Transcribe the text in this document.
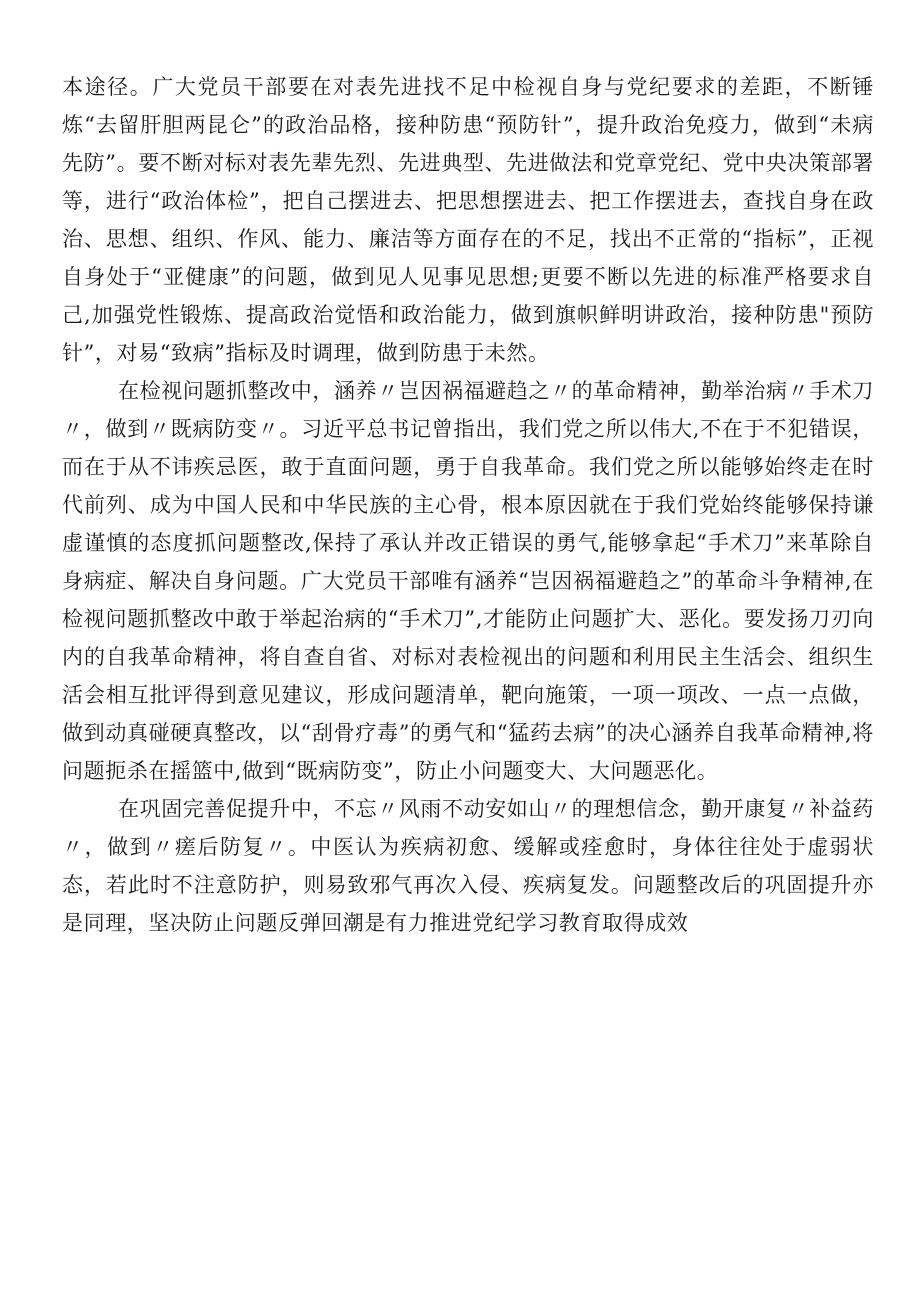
本途径。广大党员干部要在对表先进找不足中检视自身与党纪要求的差距，不断锤炼“去留肝胆两昆仑”的政治品格，接种防患“预防针”，提升政治免疫力，做到“未病先防”。要不断对标对表先辈先烈、先进典型、先进做法和党章党纪、党中央决策部署等，进行“政治体检”，把自己摆进去、把思想摆进去、把工作摆进去，查找自身在政治、思想、组织、作风、能力、廉洁等方面存在的不足，找出不正常的“指标”，正视自身处于“亚健康”的问题，做到见人见事见思想;更要不断以先进的标准严格要求自己,加强党性锻炼、提高政治觉悟和政治能力，做到旗帜鲜明讲政治，接种防患"预防针”，对易“致病”指标及时调理，做到防患于未然。

在检视问题抓整改中，涵养〃岂因祸福避趋之〃的革命精神，勤举治病〃手术刀〃，做到〃既病防变〃。习近平总书记曾指出，我们党之所以伟大,不在于不犯错误，而在于从不讳疾忌医，敢于直面问题，勇于自我革命。我们党之所以能够始终走在时代前列、成为中国人民和中华民族的主心骨，根本原因就在于我们党始终能够保持谦虚谨慎的态度抓问题整改,保持了承认并改正错误的勇气,能够拿起“手术刀”来革除自身病症、解决自身问题。广大党员干部唯有涵养“岂因祸福避趋之”的革命斗争精神,在检视问题抓整改中敢于举起治病的“手术刀”,才能防止问题扩大、恶化。要发扬刀刃向内的自我革命精神，将自查自省、对标对表检视出的问题和利用民主生活会、组织生活会相互批评得到意见建议，形成问题清单，靶向施策，一项一项改、一点一点做，做到动真碰硬真整改，以“刮骨疗毒”的勇气和“猛药去病”的决心涵养自我革命精神,将问题扼杀在摇篮中,做到“既病防变”，防止小问题变大、大问题恶化。

在巩固完善促提升中，不忘〃风雨不动安如山〃的理想信念，勤开康复〃补益药〃，做到〃瘥后防复〃。中医认为疾病初愈、缓解或痊愈时，身体往往处于虚弱状态，若此时不注意防护，则易致邪气再次入侵、疾病复发。问题整改后的巩固提升亦是同理，坚决防止问题反弹回潮是有力推进党纪学习教育取得成效
